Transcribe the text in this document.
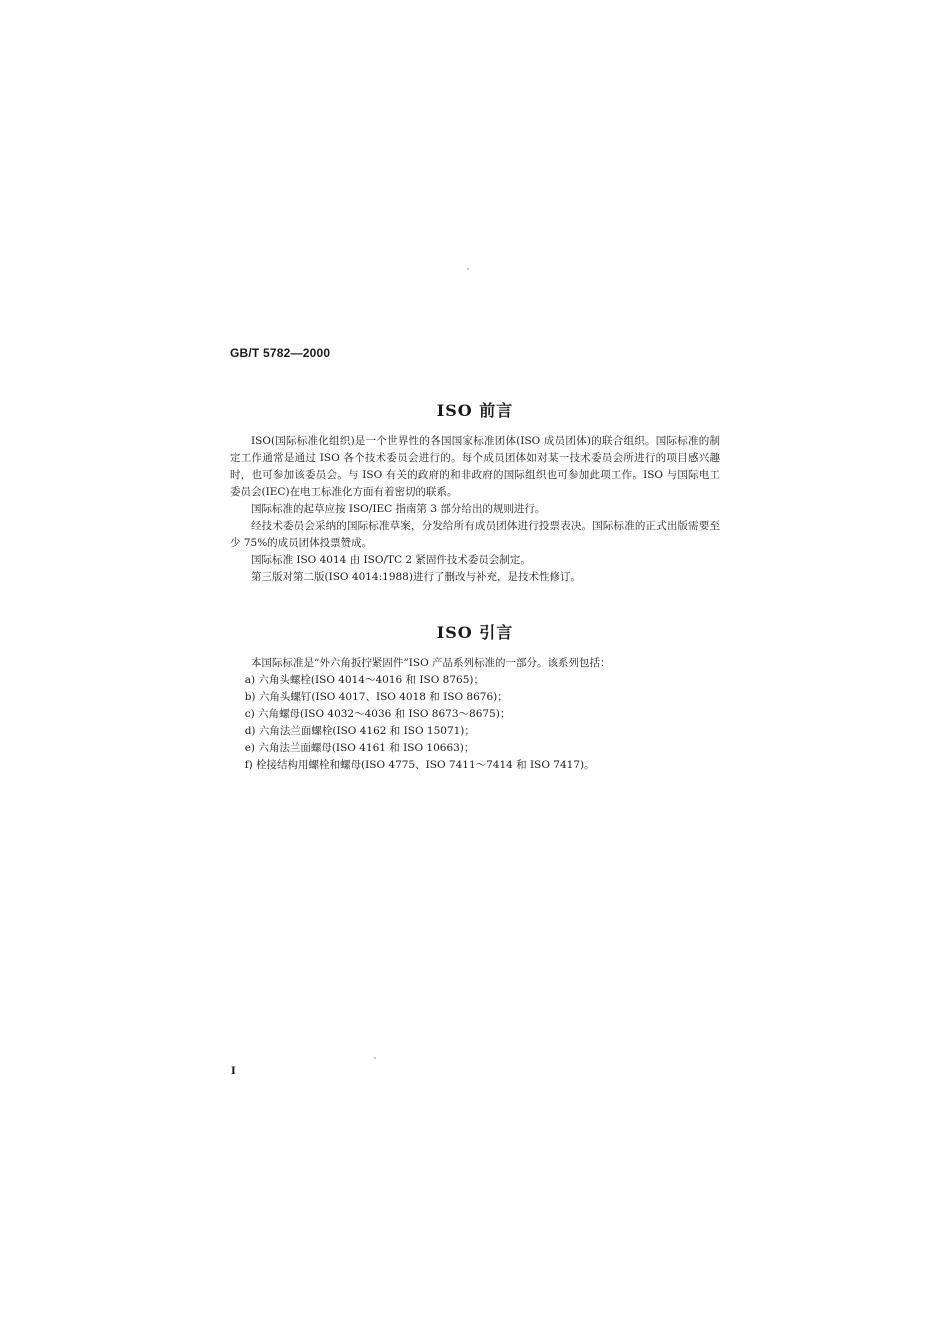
GB/T 5782—2000
ISO 前言

ISO(国际标准化组织)是一个世界性的各国国家标准团体(ISO 成员团体)的联合组织。国际标准的制定工作通常是通过 ISO 各个技术委员会进行的。每个成员团体如对某一技术委员会所进行的项目感兴趣时，也可参加该委员会。与 ISO 有关的政府的和非政府的国际组织也可参加此项工作。ISO 与国际电工委员会(IEC)在电工标准化方面有着密切的联系。

国际标准的起草应按 ISO/IEC 指南第 3 部分给出的规则进行。

经技术委员会采纳的国际标准草案，分发给所有成员团体进行投票表决。国际标准的正式出版需要至少 75%的成员团体投票赞成。

国际标准 ISO 4014 由 ISO/TC 2 紧固件技术委员会制定。

第三版对第二版(ISO 4014:1988)进行了删改与补充，是技术性修订。

ISO 引言

本国际标准是“外六角扳拧紧固件”ISO 产品系列标准的一部分。该系列包括：

a) 六角头螺栓(ISO 4014～4016 和 ISO 8765)；
b) 六角头螺钉(ISO 4017、ISO 4018 和 ISO 8676)；
c) 六角螺母(ISO 4032～4036 和 ISO 8673～8675)；
d) 六角法兰面螺栓(ISO 4162 和 ISO 15071)；
e) 六角法兰面螺母(ISO 4161 和 ISO 10663)；
f) 栓接结构用螺栓和螺母(ISO 4775、ISO 7411～7414 和 ISO 7417)。
I
